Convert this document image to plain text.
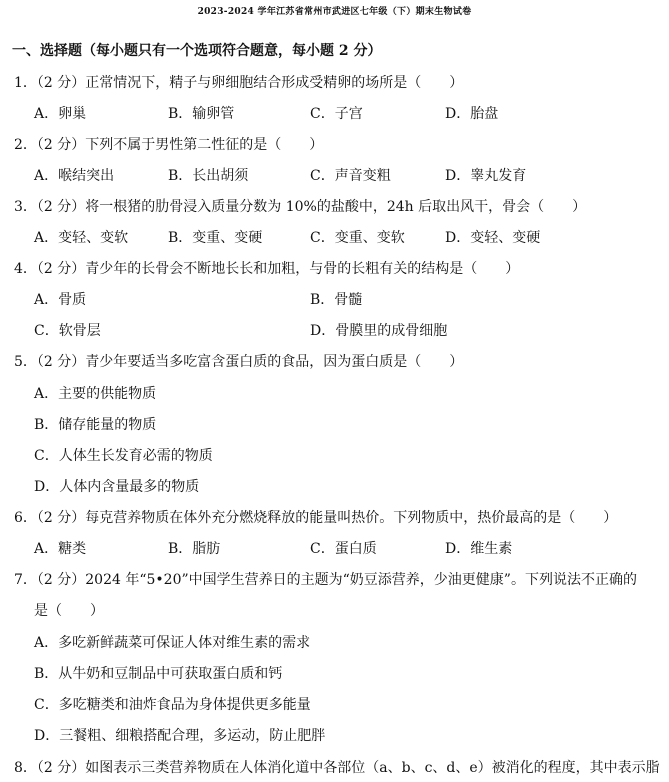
2023-2024 学年江苏省常州市武进区七年级（下）期末生物试卷
一、选择题（每小题只有一个选项符合题意，每小题 2 分）
1．（2 分）正常情况下，精子与卵细胞结合形成受精卵的场所是（　　）
A．卵巢	B．输卵管	C．子宫	D．胎盘
2．（2 分）下列不属于男性第二性征的是（　　）
A．喉结突出	B．长出胡须	C．声音变粗	D．睾丸发育
3．（2 分）将一根猪的肋骨浸入质量分数为 10%的盐酸中，24h 后取出风干，骨会（　　）
A．变轻、变软	B．变重、变硬	C．变重、变软	D．变轻、变硬
4．（2 分）青少年的长骨会不断地长长和加粗，与骨的长粗有关的结构是（　　）
A．骨质	B．骨髓
C．软骨层	D．骨膜里的成骨细胞
5．（2 分）青少年要适当多吃富含蛋白质的食品，因为蛋白质是（　　）
A．主要的供能物质
B．储存能量的物质
C．人体生长发育必需的物质
D．人体内含量最多的物质
6．（2 分）每克营养物质在体外充分燃烧释放的能量叫热价。下列物质中，热价最高的是（　　）
A．糖类	B．脂肪	C．蛋白质	D．维生素
7．（2 分）2024 年“5•20”中国学生营养日的主题为“奶豆添营养，少油更健康”。下列说法不正确的
是（　　）
A．多吃新鲜蔬菜可保证人体对维生素的需求
B．从牛奶和豆制品中可获取蛋白质和钙
C．多吃糖类和油炸食品为身体提供更多能量
D．三餐粗、细粮搭配合理，多运动，防止肥胖
8．（2 分）如图表示三类营养物质在人体消化道中各部位（a、b、c、d、e）被消化的程度，其中表示脂
